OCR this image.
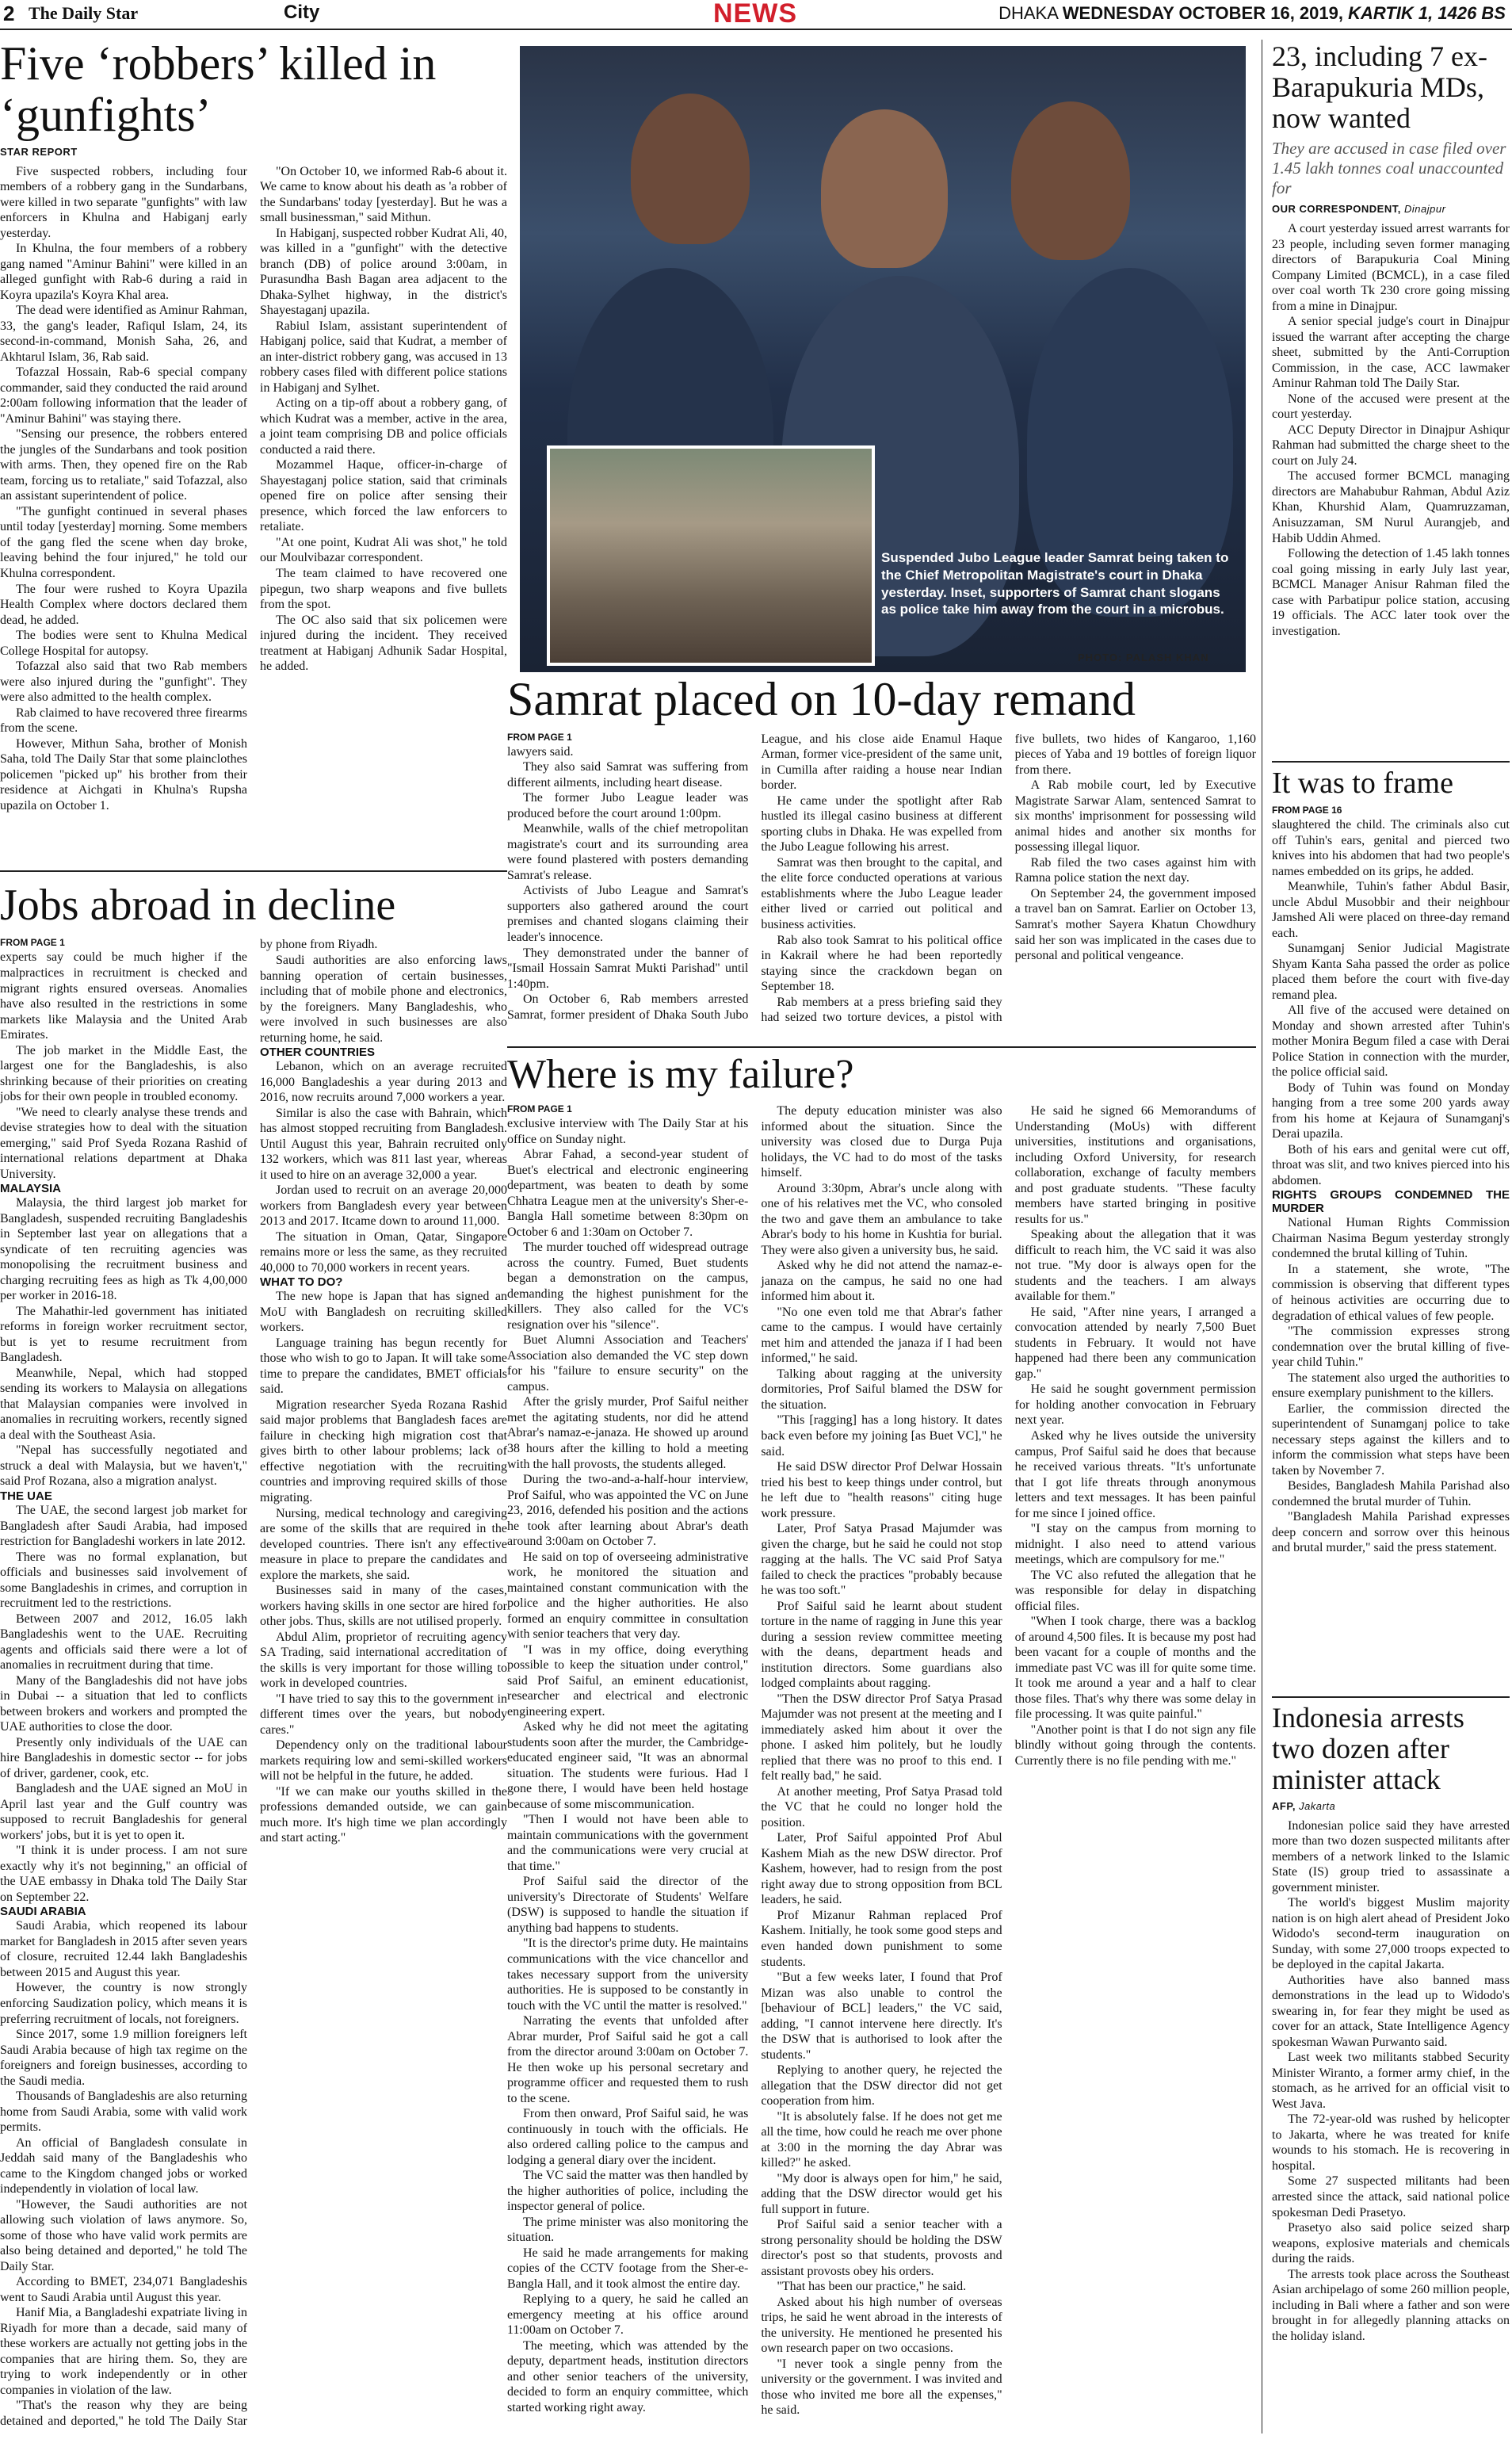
2 The Daily Star	City	NEWS	DHAKA WEDNESDAY OCTOBER 16, 2019, KARTIK 1, 1426 BS
Five ‘robbers’ killed in ‘gunfights’
STAR REPORT

Five suspected robbers, including four members of a robbery gang in the Sundarbans, were killed in two separate "gunfights" with law enforcers in Khulna and Habiganj early yesterday.

In Khulna, the four members of a robbery gang named "Aminur Bahini" were killed in an alleged gunfight with Rab-6 during a raid in Koyra upazila's Koyra Khal area.

The dead were identified as Aminur Rahman, 33, the gang's leader, Rafiqul Islam, 24, its second-in-command, Monish Saha, 26, and Akhtarul Islam, 36, Rab said.

Tofazzal Hossain, Rab-6 special company commander, said they conducted the raid around 2:00am following information that the leader of "Aminur Bahini" was staying there.

"Sensing our presence, the robbers entered the jungles of the Sundarbans and took position with arms. Then, they opened fire on the Rab team, forcing us to retaliate," said Tofazzal, also an assistant superintendent of police.

"The gunfight continued in several phases until today [yesterday] morning. Some members of the gang fled the scene when day broke, leaving behind the four injured," he told our Khulna correspondent.

The four were rushed to Koyra Upazila Health Complex where doctors declared them dead, he added.

The bodies were sent to Khulna Medical College Hospital for autopsy.

Tofazzal also said that two Rab members were also injured during the "gunfight". They were also admitted to the health complex.

Rab claimed to have recovered three firearms from the scene.

However, Mithun Saha, brother of Monish Saha, told The Daily Star that some plainclothes policemen "picked up" his brother from their residence at Aichgati in Khulna's Rupsha upazila on October 1.

"On October 10, we informed Rab-6 about it. We came to know about his death as 'a robber of the Sundarbans' today [yesterday]. But he was a small businessman," said Mithun.

In Habiganj, suspected robber Kudrat Ali, 40, was killed in a "gunfight" with the detective branch (DB) of police around 3:00am, in Purasundha Bash Bagan area adjacent to the Dhaka-Sylhet highway, in the district's Shayestaganj upazila.

Rabiul Islam, assistant superintendent of Habiganj police, said that Kudrat, a member of an inter-district robbery gang, was accused in 13 robbery cases filed with different police stations in Habiganj and Sylhet.

Acting on a tip-off about a robbery gang, of which Kudrat was a member, active in the area, a joint team comprising DB and police officials conducted a raid there.

Mozammel Haque, officer-in-charge of Shayestaganj police station, said that criminals opened fire on police after sensing their presence, which forced the law enforcers to retaliate.

"At one point, Kudrat Ali was shot," he told our Moulvibazar correspondent.

The team claimed to have recovered one pipegun, two sharp weapons and five bullets from the spot.

The OC also said that six policemen were injured during the incident. They received treatment at Habiganj Adhunik Sadar Hospital, he added.

Jobs abroad in decline
FROM PAGE 1

experts say could be much higher if the malpractices in recruitment is checked and migrant rights ensured overseas. Anomalies have also resulted in the restrictions in some markets like Malaysia and the United Arab Emirates.

The job market in the Middle East, the largest one for the Bangladeshis, is also shrinking because of their priorities on creating jobs for their own people in troubled economy.

"We need to clearly analyse these trends and devise strategies how to deal with the situation emerging," said Prof Syeda Rozana Rashid of international relations department at Dhaka University.

MALAYSIA

Malaysia, the third largest job market for Bangladesh, suspended recruiting Bangladeshis in September last year on allegations that a syndicate of ten recruiting agencies was monopolising the recruitment business and charging recruiting fees as high as Tk 4,00,000 per worker in 2016-18.

The Mahathir-led government has initiated reforms in foreign worker recruitment sector, but is yet to resume recruitment from Bangladesh.

Meanwhile, Nepal, which had stopped sending its workers to Malaysia on allegations that Malaysian companies were involved in anomalies in recruiting workers, recently signed a deal with the Southeast Asia.

"Nepal has successfully negotiated and struck a deal with Malaysia, but we haven't," said Prof Rozana, also a migration analyst.

THE UAE

The UAE, the second largest job market for Bangladesh after Saudi Arabia, had imposed restriction for Bangladeshi workers in late 2012.

There was no formal explanation, but officials and businesses said involvement of some Bangladeshis in crimes, and corruption in recruitment led to the restrictions.

Between 2007 and 2012, 16.05 lakh Bangladeshis went to the UAE. Recruiting agents and officials said there were a lot of anomalies in recruitment during that time.

Many of the Bangladeshis did not have jobs in Dubai -- a situation that led to conflicts between brokers and workers and prompted the UAE authorities to close the door.

Presently only individuals of the UAE can hire Bangladeshis in domestic sector -- for jobs of driver, gardener, cook, etc.

Bangladesh and the UAE signed an MoU in April last year and the Gulf country was supposed to recruit Bangladeshis for general workers' jobs, but it is yet to open it.

"I think it is under process. I am not sure exactly why it's not beginning," an official of the UAE embassy in Dhaka told The Daily Star on September 22.

SAUDI ARABIA

Saudi Arabia, which reopened its labour market for Bangladesh in 2015 after seven years of closure, recruited 12.44 lakh Bangladeshis between 2015 and August this year.

However, the country is now strongly enforcing Saudization policy, which means it is preferring recruitment of locals, not foreigners.

Since 2017, some 1.9 million foreigners left Saudi Arabia because of high tax regime on the foreigners and foreign businesses, according to the Saudi media.

Thousands of Bangladeshis are also returning home from Saudi Arabia, some with valid work permits.

An official of Bangladesh consulate in Jeddah said many of the Bangladeshis who came to the Kingdom changed jobs or worked independently in violation of local law.

"However, the Saudi authorities are not allowing such violation of laws anymore. So, some of those who have valid work permits are also being detained and deported," he told The Daily Star.

According to BMET, 234,071 Bangladeshis went to Saudi Arabia until August this year.

Hanif Mia, a Bangladeshi expatriate living in Riyadh for more than a decade, said many of these workers are actually not getting jobs in the companies that are hiring them. So, they are trying to work independently or in other companies in violation of the law.

"That's the reason why they are being detained and deported," he told The Daily Star by phone from Riyadh.

Saudi authorities are also enforcing laws banning operation of certain businesses, including that of mobile phone and electronics, by the foreigners. Many Bangladeshis, who were involved in such businesses are also returning home, he said.

OTHER COUNTRIES

Lebanon, which on an average recruited 16,000 Bangladeshis a year during 2013 and 2016, now recruits around 7,000 workers a year.

Similar is also the case with Bahrain, which has almost stopped recruiting from Bangladesh. Until August this year, Bahrain recruited only 132 workers, which was 811 last year, whereas it used to hire on an average 32,000 a year.

Jordan used to recruit on an average 20,000 workers from Bangladesh every year between 2013 and 2017. Itcame down to around 11,000.

The situation in Oman, Qatar, Singapore remains more or less the same, as they recruited 40,000 to 70,000 workers in recent years.

WHAT TO DO?

The new hope is Japan that has signed an MoU with Bangladesh on recruiting skilled workers.

Language training has begun recently for those who wish to go to Japan. It will take some time to prepare the candidates, BMET officials said.

Migration researcher Syeda Rozana Rashid said major problems that Bangladesh faces are failure in checking high migration cost that gives birth to other labour problems; lack of effective negotiation with the recruiting countries and improving required skills of those migrating.

Nursing, medical technology and caregiving are some of the skills that are required in the developed countries. There isn't any effective measure in place to prepare the candidates and explore the markets, she said.

Businesses said in many of the cases, workers having skills in one sector are hired for other jobs. Thus, skills are not utilised properly.

Abdul Alim, proprietor of recruiting agency SA Trading, said international accreditation of the skills is very important for those willing to work in developed countries.

"I have tried to say this to the government in different times over the years, but nobody cares."

Dependency only on the traditional labour markets requiring low and semi-skilled workers will not be helpful in the future, he added.

"If we can make our youths skilled in the professions demanded outside, we can gain much more. It's high time we plan accordingly and start acting."

Suspended Jubo League leader Samrat being taken to the Chief Metropolitan Magistrate's court in Dhaka yesterday. Inset, supporters of Samrat chant slogans as police take him away from the court in a microbus.
PHOTO: PALASH KHAN
Samrat placed on 10-day remand
FROM PAGE 1

lawyers said.

They also said Samrat was suffering from different ailments, including heart disease.

The former Jubo League leader was produced before the court around 1:00pm.

Meanwhile, walls of the chief metropolitan magistrate's court and its surrounding area were found plastered with posters demanding Samrat's release.

Activists of Jubo League and Samrat's supporters also gathered around the court premises and chanted slogans claiming their leader's innocence.

They demonstrated under the banner of "Ismail Hossain Samrat Mukti Parishad" until 1:40pm.

On October 6, Rab members arrested Samrat, former president of Dhaka South Jubo League, and his close aide Enamul Haque Arman, former vice-president of the same unit, in Cumilla after raiding a house near Indian border.

He came under the spotlight after Rab hustled its illegal casino business at different sporting clubs in Dhaka. He was expelled from the Jubo League following his arrest.

Samrat was then brought to the capital, and the elite force conducted operations at various establishments where the Jubo League leader either lived or carried out political and business activities.

Rab also took Samrat to his political office in Kakrail where he had been reportedly staying since the crackdown began on September 18.

Rab members at a press briefing said they had seized two torture devices, a pistol with five bullets, two hides of Kangaroo, 1,160 pieces of Yaba and 19 bottles of foreign liquor from there.

A Rab mobile court, led by Executive Magistrate Sarwar Alam, sentenced Samrat to six months' imprisonment for possessing wild animal hides and another six months for possessing illegal liquor.

Rab filed the two cases against him with Ramna police station the next day.

On September 24, the government imposed a travel ban on Samrat. Earlier on October 13, Samrat's mother Sayera Khatun Chowdhury said her son was implicated in the cases due to personal and political vengeance.

Where is my failure?
FROM PAGE 1

exclusive interview with The Daily Star at his office on Sunday night.

Abrar Fahad, a second-year student of Buet's electrical and electronic engineering department, was beaten to death by some Chhatra League men at the university's Sher-e-Bangla Hall sometime between 8:30pm on October 6 and 1:30am on October 7.

The murder touched off widespread outrage across the country. Fumed, Buet students began a demonstration on the campus, demanding the highest punishment for the killers. They also called for the VC's resignation over his "silence".

Buet Alumni Association and Teachers' Association also demanded the VC step down for his "failure to ensure security" on the campus.

After the grisly murder, Prof Saiful neither met the agitating students, nor did he attend Abrar's namaz-e-janaza. He showed up around 38 hours after the killing to hold a meeting with the hall provosts, the students alleged.

During the two-and-a-half-hour interview, Prof Saiful, who was appointed the VC on June 23, 2016, defended his position and the actions he took after learning about Abrar's death around 3:00am on October 7.

He said on top of overseeing administrative work, he monitored the situation and maintained constant communication with the police and the higher authorities. He also formed an enquiry committee in consultation with senior teachers that very day.

"I was in my office, doing everything possible to keep the situation under control," said Prof Saiful, an eminent educationist, researcher and electrical and electronic engineering expert.

Asked why he did not meet the agitating students soon after the murder, the Cambridge-educated engineer said, "It was an abnormal situation. The students were furious. Had I gone there, I would have been held hostage because of some miscommunication.

"Then I would not have been able to maintain communications with the government and the communications were very crucial at that time."

Prof Saiful said the director of the university's Directorate of Students' Welfare (DSW) is supposed to handle the situation if anything bad happens to students.

"It is the director's prime duty. He maintains communications with the vice chancellor and takes necessary support from the university authorities. He is supposed to be constantly in touch with the VC until the matter is resolved."

Narrating the events that unfolded after Abrar murder, Prof Saiful said he got a call from the director around 3:00am on October 7. He then woke up his personal secretary and programme officer and requested them to rush to the scene.

From then onward, Prof Saiful said, he was continuously in touch with the officials. He also ordered calling police to the campus and lodging a general diary over the incident.

The VC said the matter was then handled by the higher authorities of police, including the inspector general of police.

The prime minister was also monitoring the situation.

He said he made arrangements for making copies of the CCTV footage from the Sher-e-Bangla Hall, and it took almost the entire day.

Replying to a query, he said he called an emergency meeting at his office around 11:00am on October 7.

The meeting, which was attended by the deputy, department heads, institution directors and other senior teachers of the university, decided to form an enquiry committee, which started working right away.

The deputy education minister was also informed about the situation. Since the university was closed due to Durga Puja holidays, the VC had to do most of the tasks himself.

Around 3:30pm, Abrar's uncle along with one of his relatives met the VC, who consoled the two and gave them an ambulance to take Abrar's body to his home in Kushtia for burial. They were also given a university bus, he said.

Asked why he did not attend the namaz-e-janaza on the campus, he said no one had informed him about it.

"No one even told me that Abrar's father came to the campus. I would have certainly met him and attended the janaza if I had been informed," he said.

Talking about ragging at the university dormitories, Prof Saiful blamed the DSW for the situation.

"This [ragging] has a long history. It dates back even before my joining [as Buet VC]," he said.

He said DSW director Prof Delwar Hossain tried his best to keep things under control, but he left due to "health reasons" citing huge work pressure.

Later, Prof Satya Prasad Majumder was given the charge, but he said he could not stop ragging at the halls. The VC said Prof Satya failed to check the practices "probably because he was too soft."

Prof Saiful said he learnt about student torture in the name of ragging in June this year during a session review committee meeting with the deans, department heads and institution directors. Some guardians also lodged complaints about ragging.

"Then the DSW director Prof Satya Prasad Majumder was not present at the meeting and I immediately asked him about it over the phone. I asked him politely, but he loudly replied that there was no proof to this end. I felt really bad," he said.

At another meeting, Prof Satya Prasad told the VC that he could no longer hold the position.

Later, Prof Saiful appointed Prof Abul Kashem Miah as the new DSW director. Prof Kashem, however, had to resign from the post right away due to strong opposition from BCL leaders, he said.

Prof Mizanur Rahman replaced Prof Kashem. Initially, he took some good steps and even handed down punishment to some students.

"But a few weeks later, I found that Prof Mizan was also unable to control the [behaviour of BCL] leaders," the VC said, adding, "I cannot intervene here directly. It's the DSW that is authorised to look after the students."

Replying to another query, he rejected the allegation that the DSW director did not get cooperation from him.

"It is absolutely false. If he does not get me all the time, how could he reach me over phone at 3:00 in the morning the day Abrar was killed?" he asked.

"My door is always open for him," he said, adding that the DSW director would get his full support in future.

Prof Saiful said a senior teacher with a strong personality should be holding the DSW director's post so that students, provosts and assistant provosts obey his orders.

"That has been our practice," he said.

Asked about his high number of overseas trips, he said he went abroad in the interests of the university. He mentioned he presented his own research paper on two occasions.

"I never took a single penny from the university or the government. I was invited and those who invited me bore all the expenses," he said.

He said he signed 66 Memorandums of Understanding (MoUs) with different universities, institutions and organisations, including Oxford University, for research collaboration, exchange of faculty members and post graduate students. "These faculty members have started bringing in positive results for us."

Speaking about the allegation that it was difficult to reach him, the VC said it was also not true. "My door is always open for the students and the teachers. I am always available for them."

He said, "After nine years, I arranged a convocation attended by nearly 7,500 Buet students in February. It would not have happened had there been any communication gap."

He said he sought government permission for holding another convocation in February next year.

Asked why he lives outside the university campus, Prof Saiful said he does that because he received various threats. "It's unfortunate that I got life threats through anonymous letters and text messages. It has been painful for me since I joined office.

"I stay on the campus from morning to midnight. I also need to attend various meetings, which are compulsory for me."

The VC also refuted the allegation that he was responsible for delay in dispatching official files.

"When I took charge, there was a backlog of around 4,500 files. It is because my post had been vacant for a couple of months and the immediate past VC was ill for quite some time. It took me around a year and a half to clear those files. That's why there was some delay in file processing. It was quite painful."

"Another point is that I do not sign any file blindly without going through the contents. Currently there is no file pending with me."

23, including 7 ex-Barapukuria MDs, now wanted
They are accused in case filed over 1.45 lakh tonnes coal unaccounted for
OUR CORRESPONDENT, Dinajpur

A court yesterday issued arrest warrants for 23 people, including seven former managing directors of Barapukuria Coal Mining Company Limited (BCMCL), in a case filed over coal worth Tk 230 crore going missing from a mine in Dinajpur.

A senior special judge's court in Dinajpur issued the warrant after accepting the charge sheet, submitted by the Anti-Corruption Commission, in the case, ACC lawmaker Aminur Rahman told The Daily Star.

None of the accused were present at the court yesterday.

ACC Deputy Director in Dinajpur Ashiqur Rahman had submitted the charge sheet to the court on July 24.

The accused former BCMCL managing directors are Mahabubur Rahman, Abdul Aziz Khan, Khurshid Alam, Quamruzzaman, Anisuzzaman, SM Nurul Aurangjeb, and Habib Uddin Ahmed.

Following the detection of 1.45 lakh tonnes coal going missing in early July last year, BCMCL Manager Anisur Rahman filed the case with Parbatipur police station, accusing 19 officials. The ACC later took over the investigation.

It was to frame
FROM PAGE 16

slaughtered the child. The criminals also cut off Tuhin's ears, genital and pierced two knives into his abdomen that had two people's names embedded on its grips, he added.

Meanwhile, Tuhin's father Abdul Basir, uncle Abdul Musobbir and their neighbour Jamshed Ali were placed on three-day remand each.

Sunamganj Senior Judicial Magistrate Shyam Kanta Saha passed the order as police placed them before the court with five-day remand plea.

All five of the accused were detained on Monday and shown arrested after Tuhin's mother Monira Begum filed a case with Derai Police Station in connection with the murder, the police official said.

Body of Tuhin was found on Monday hanging from a tree some 200 yards away from his home at Kejaura of Sunamganj's Derai upazila.

Both of his ears and genital were cut off, throat was slit, and two knives pierced into his abdomen.

RIGHTS GROUPS CONDEMNED THE MURDER

National Human Rights Commission Chairman Nasima Begum yesterday strongly condemned the brutal killing of Tuhin.

In a statement, she wrote, "The commission is observing that different types of heinous activities are occurring due to degradation of ethical values of few people.

"The commission expresses strong condemnation over the brutal killing of five-year child Tuhin."

The statement also urged the authorities to ensure exemplary punishment to the killers.

Earlier, the commission directed the superintendent of Sunamganj police to take necessary steps against the killers and to inform the commission what steps have been taken by November 7.

Besides, Bangladesh Mahila Parishad also condemned the brutal murder of Tuhin.

"Bangladesh Mahila Parishad expresses deep concern and sorrow over this heinous and brutal murder," said the press statement.

Indonesia arrests two dozen after minister attack
AFP, Jakarta

Indonesian police said they have arrested more than two dozen suspected militants after members of a network linked to the Islamic State (IS) group tried to assassinate a government minister.

The world's biggest Muslim majority nation is on high alert ahead of President Joko Widodo's second-term inauguration on Sunday, with some 27,000 troops expected to be deployed in the capital Jakarta.

Authorities have also banned mass demonstrations in the lead up to Widodo's swearing in, for fear they might be used as cover for an attack, State Intelligence Agency spokesman Wawan Purwanto said.

Last week two militants stabbed Security Minister Wiranto, a former army chief, in the stomach, as he arrived for an official visit to West Java.

The 72-year-old was rushed by helicopter to Jakarta, where he was treated for knife wounds to his stomach. He is recovering in hospital.

Some 27 suspected militants had been arrested since the attack, said national police spokesman Dedi Prasetyo.

Prasetyo also said police seized sharp weapons, explosive materials and chemicals during the raids.

The arrests took place across the Southeast Asian archipelago of some 260 million people, including in Bali where a father and son were brought in for allegedly planning attacks on the holiday island.
